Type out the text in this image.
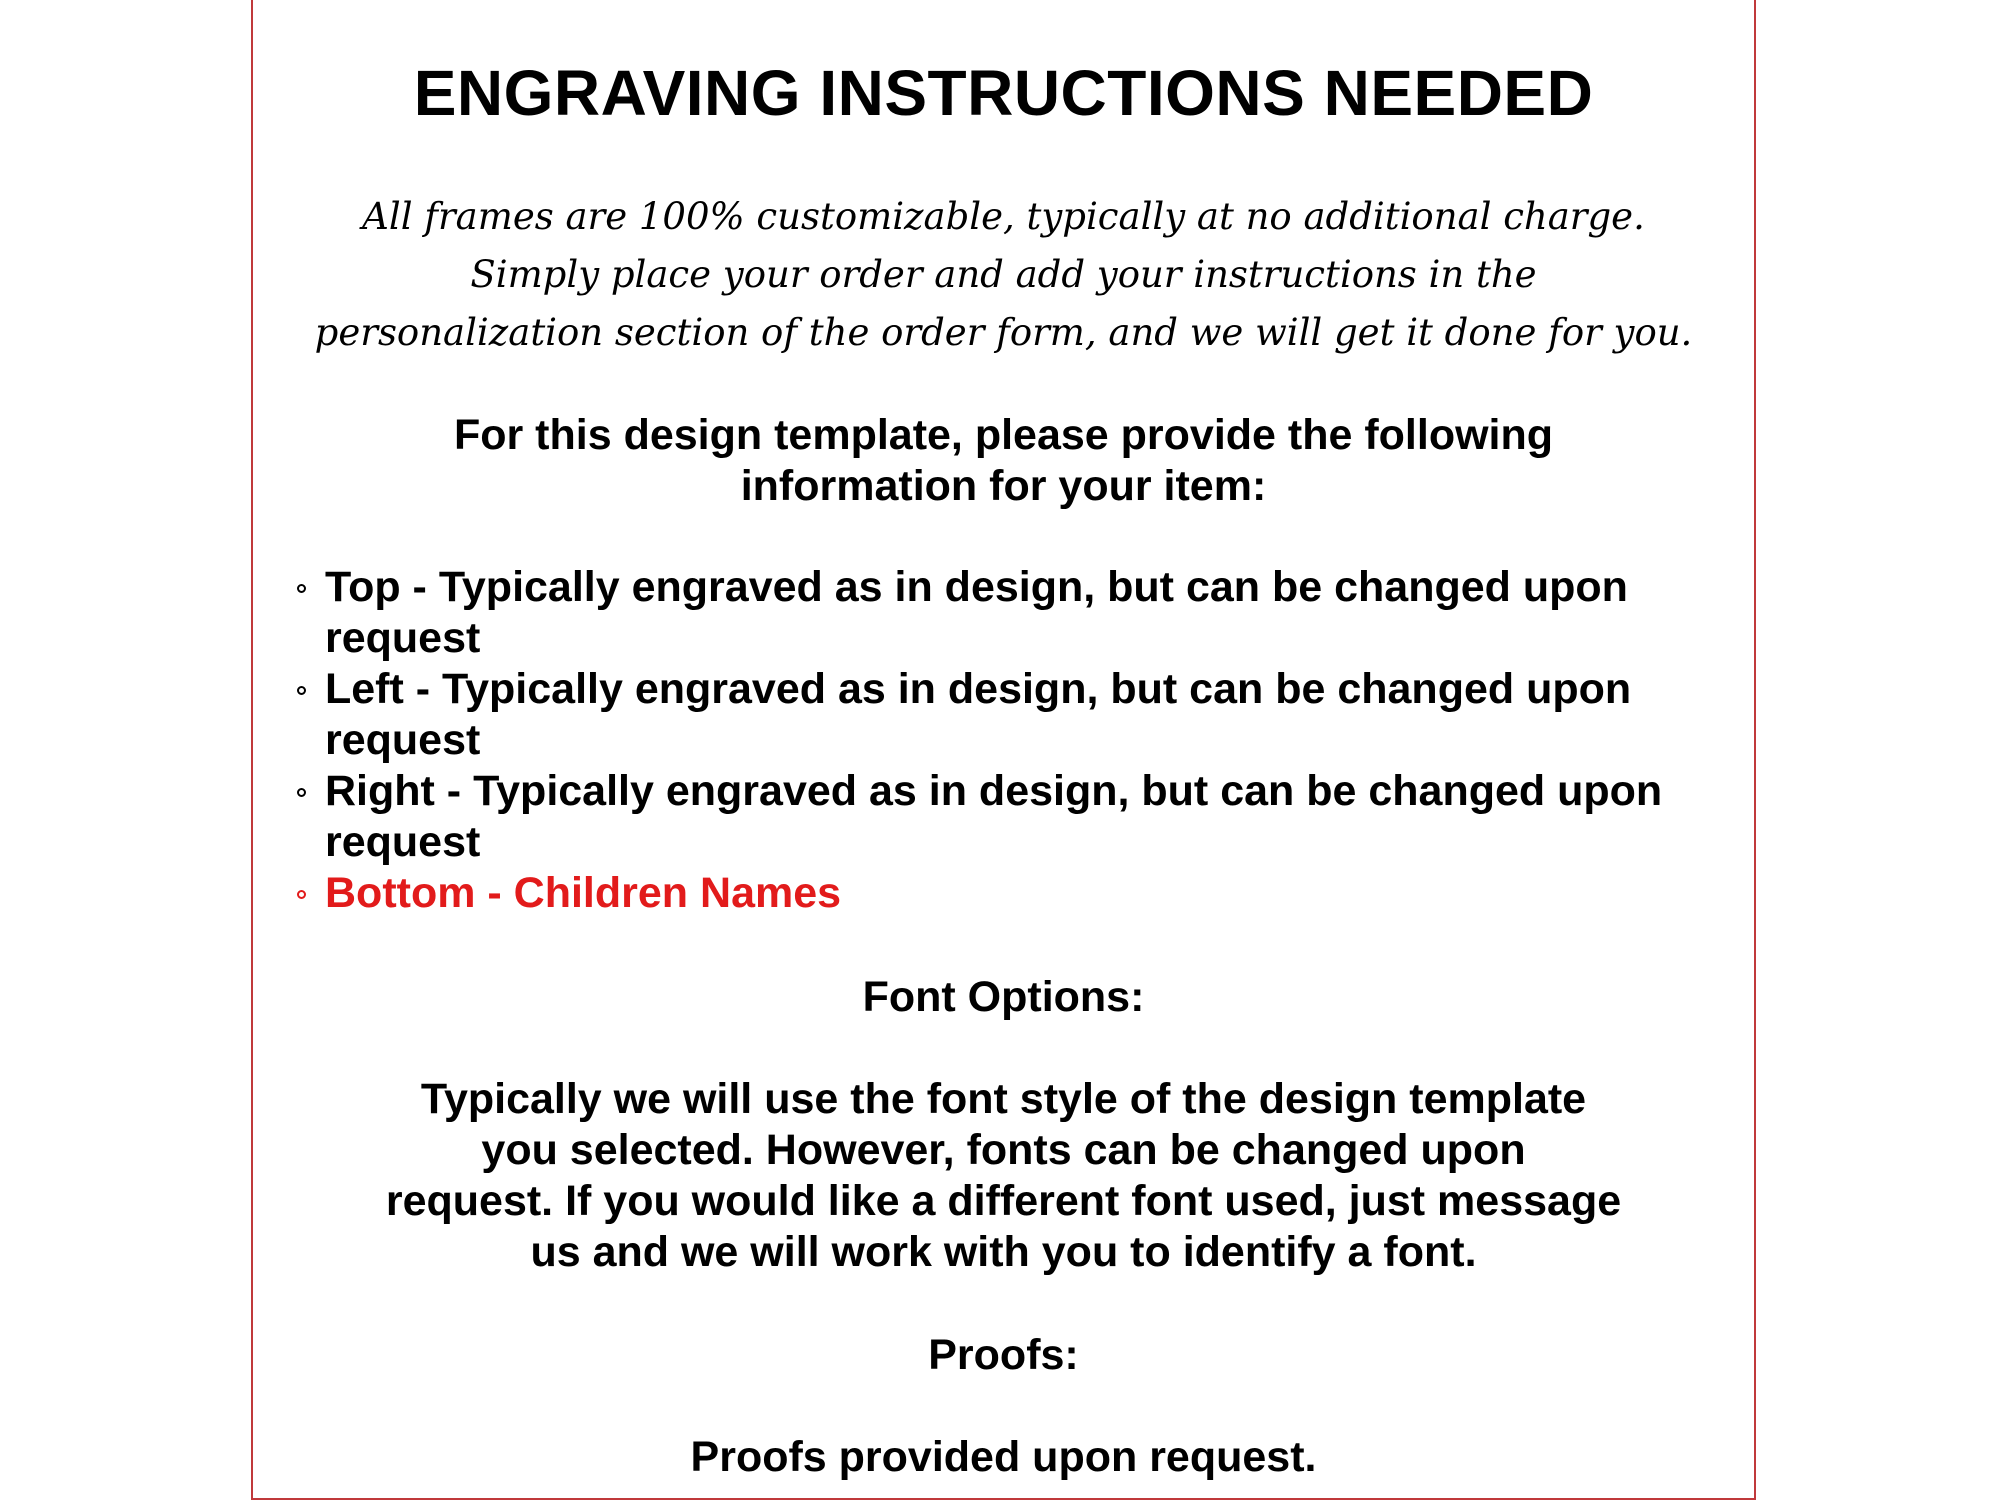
ENGRAVING INSTRUCTIONS NEEDED
All frames are 100% customizable, typically at no additional charge.
Simply place your order and add your instructions in the
personalization section of the order form, and we will get it done for you.
For this design template, please provide the following
information for your item:
Top - Typically engraved as in design, but can be changed upon request
Left - Typically engraved as in design, but can be changed upon request
Right - Typically engraved as in design, but can be changed upon request
Bottom - Children Names
Font Options:
Typically we will use the font style of the design template
you selected. However, fonts can be changed upon
request. If you would like a different font used, just message
us and we will work with you to identify a font.
Proofs:
Proofs provided upon request.
